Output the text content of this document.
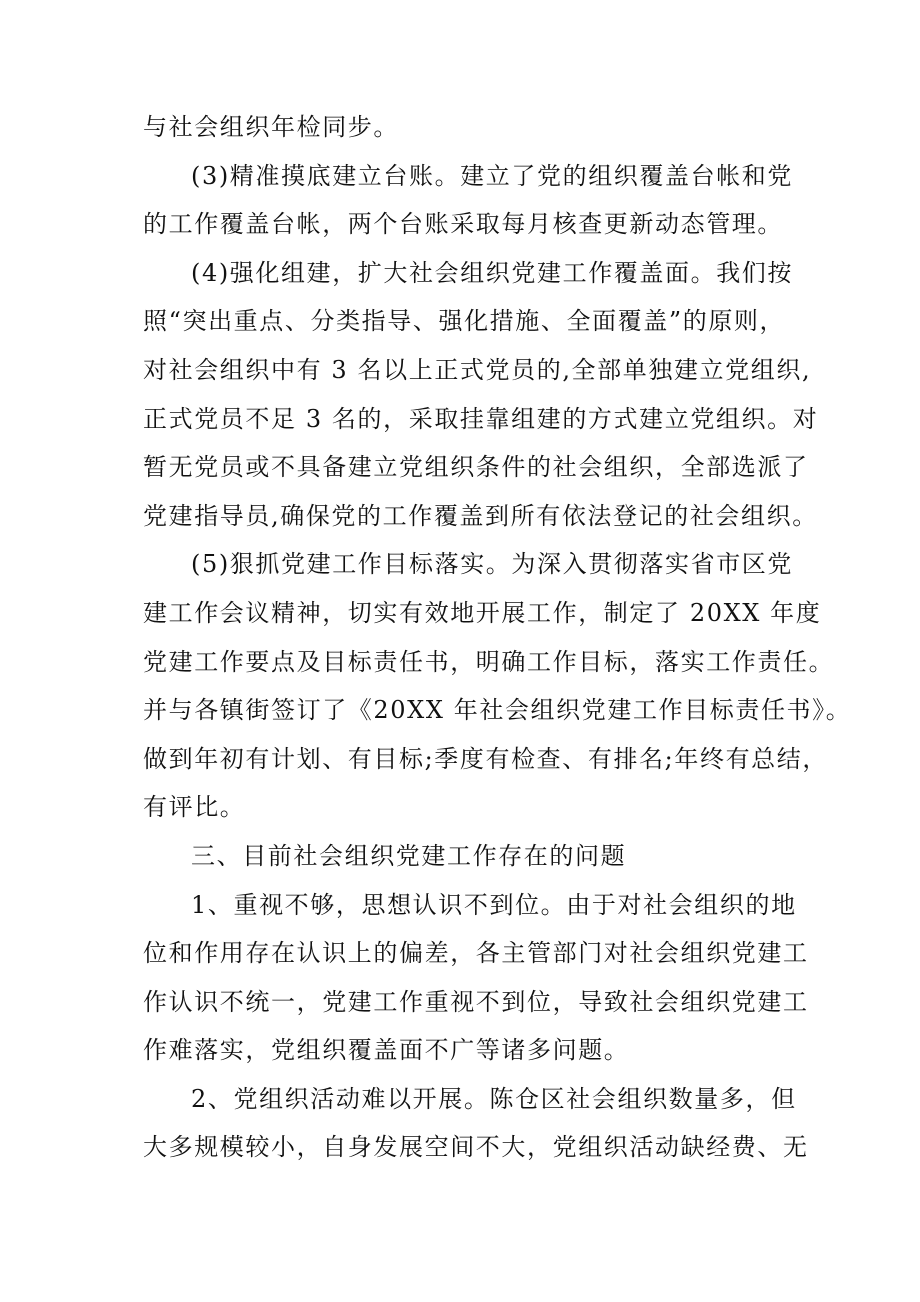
与社会组织年检同步。
(3)精准摸底建立台账。建立了党的组织覆盖台帐和党
的工作覆盖台帐，两个台账采取每月核查更新动态管理。
(4)强化组建，扩大社会组织党建工作覆盖面。我们按
照“突出重点、分类指导、强化措施、全面覆盖”的原则，
对社会组织中有 3 名以上正式党员的,全部单独建立党组织,
正式党员不足 3 名的，采取挂靠组建的方式建立党组织。对
暂无党员或不具备建立党组织条件的社会组织，全部选派了
党建指导员,确保党的工作覆盖到所有依法登记的社会组织。
(5)狠抓党建工作目标落实。为深入贯彻落实省市区党
建工作会议精神，切实有效地开展工作，制定了 20XX 年度
党建工作要点及目标责任书，明确工作目标，落实工作责任。
并与各镇街签订了《20XX 年社会组织党建工作目标责任书》。
做到年初有计划、有目标;季度有检查、有排名;年终有总结，
有评比。
三、目前社会组织党建工作存在的问题
1、重视不够，思想认识不到位。由于对社会组织的地
位和作用存在认识上的偏差，各主管部门对社会组织党建工
作认识不统一，党建工作重视不到位，导致社会组织党建工
作难落实，党组织覆盖面不广等诸多问题。
2、党组织活动难以开展。陈仓区社会组织数量多，但
大多规模较小，自身发展空间不大，党组织活动缺经费、无
